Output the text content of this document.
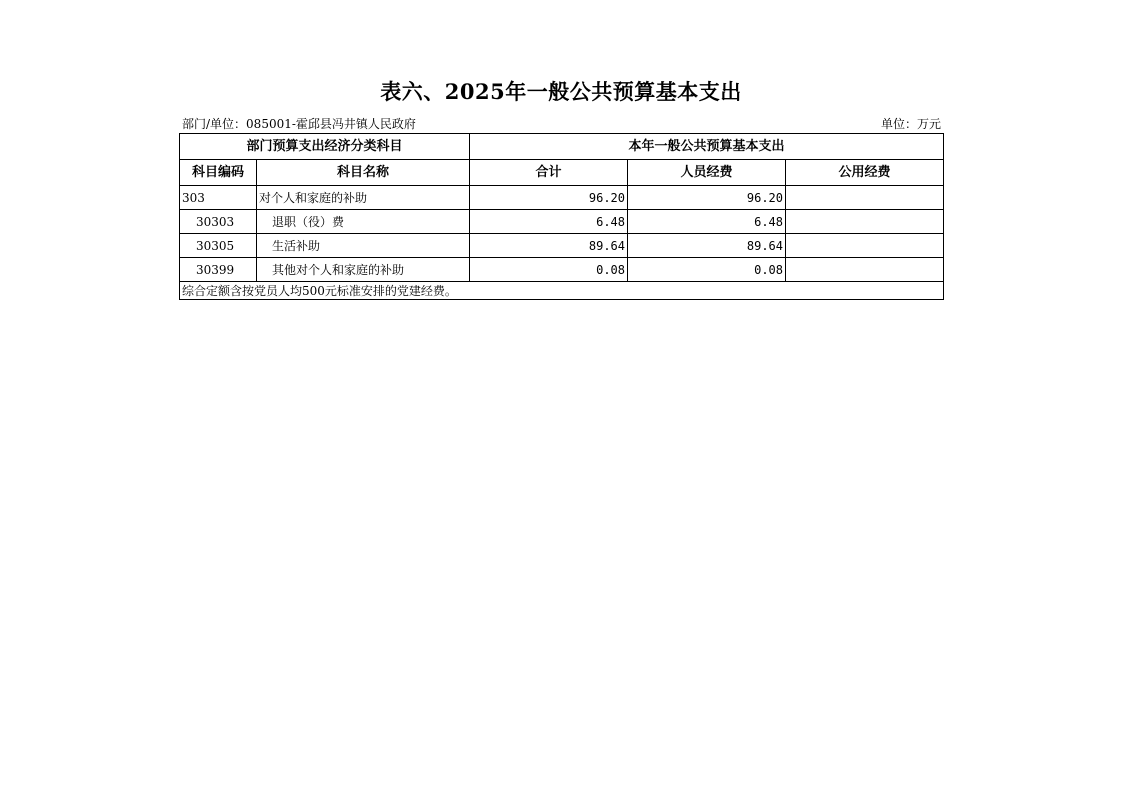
表六、2025年一般公共预算基本支出
部门/单位：085001-霍邱县冯井镇人民政府	单位：万元
部门预算支出经济分类科目		本年一般公共预算基本支出		
科目编码	科目名称	合计	人员经费	公用经费
303	对个人和家庭的补助	96.20	96.20	
30303	退职（役）费	6.48	6.48	
30305	生活补助	89.64	89.64	
30399	其他对个人和家庭的补助	0.08	0.08	
综合定额含按党员人均500元标准安排的党建经费。				
